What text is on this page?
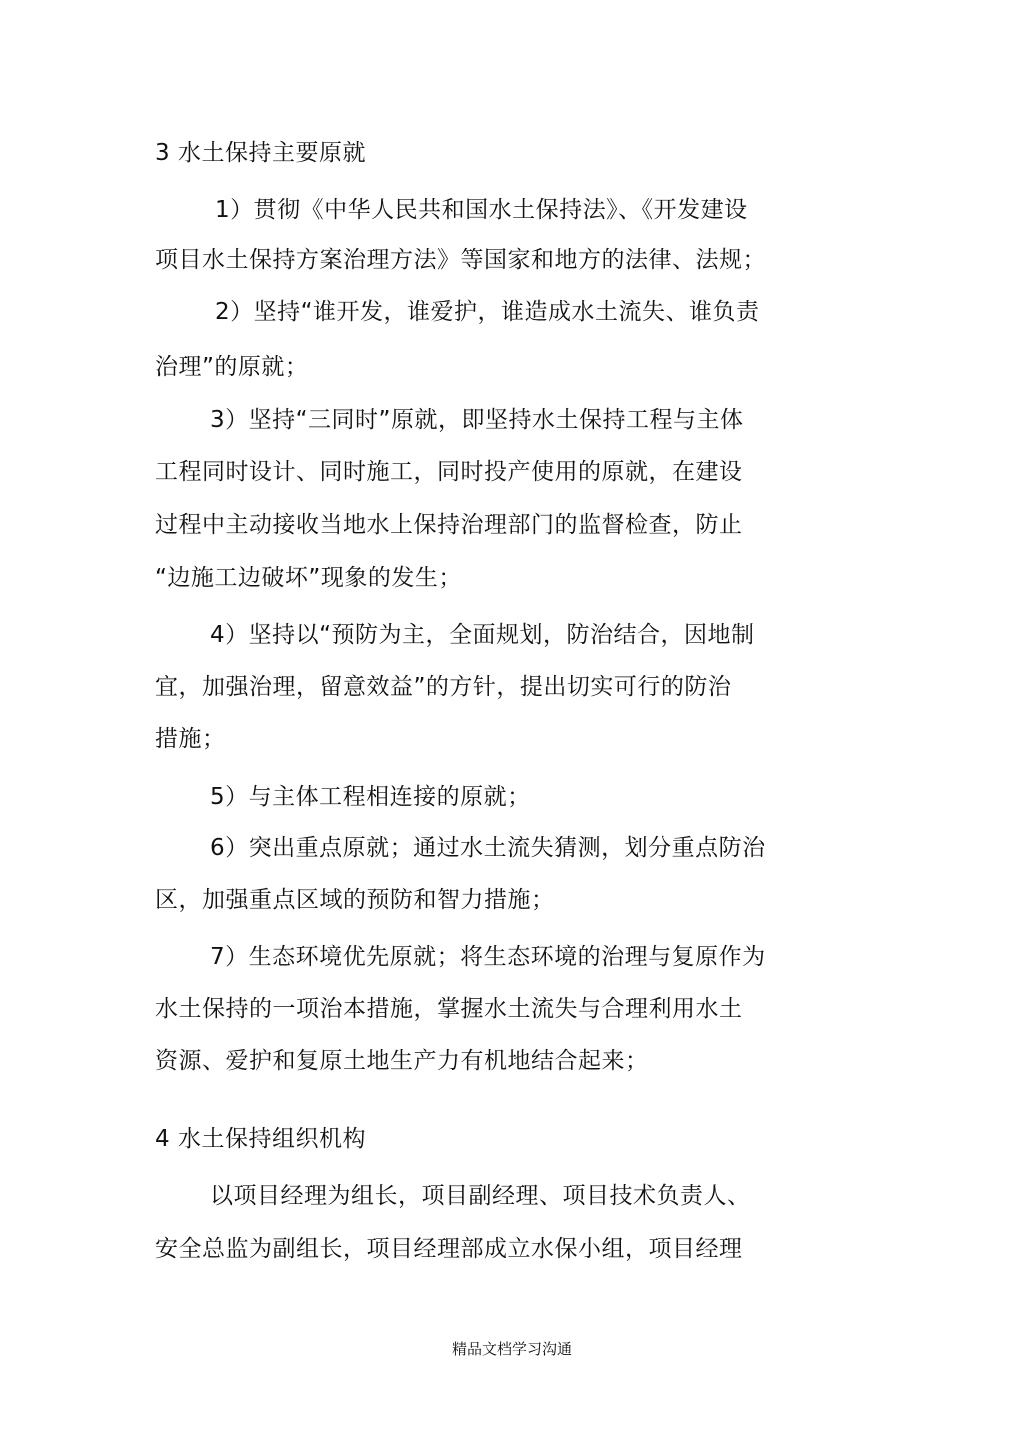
3 水土保持主要原就
1）贯彻《中华人民共和国水土保持法》、《开发建设
项目水土保持方案治理方法》等国家和地方的法律、法规；
2）坚持“谁开发，谁爱护，谁造成水土流失、谁负责
治理”的原就；
3）坚持“三同时”原就，即坚持水土保持工程与主体
工程同时设计、同时施工，同时投产使用的原就，在建设
过程中主动接收当地水上保持治理部门的监督检查，防止
“边施工边破坏”现象的发生；
4）坚持以“预防为主，全面规划，防治结合，因地制
宜，加强治理，留意效益”的方针，提出切实可行的防治
措施；
5）与主体工程相连接的原就；
6）突出重点原就；通过水土流失猜测，划分重点防治
区，加强重点区域的预防和智力措施；
7）生态环境优先原就；将生态环境的治理与复原作为
水土保持的一项治本措施，掌握水土流失与合理利用水土
资源、爱护和复原土地生产力有机地结合起来；
4 水土保持组织机构
以项目经理为组长，项目副经理、项目技术负责人、
安全总监为副组长，项目经理部成立水保小组，项目经理
精品文档学习沟通
